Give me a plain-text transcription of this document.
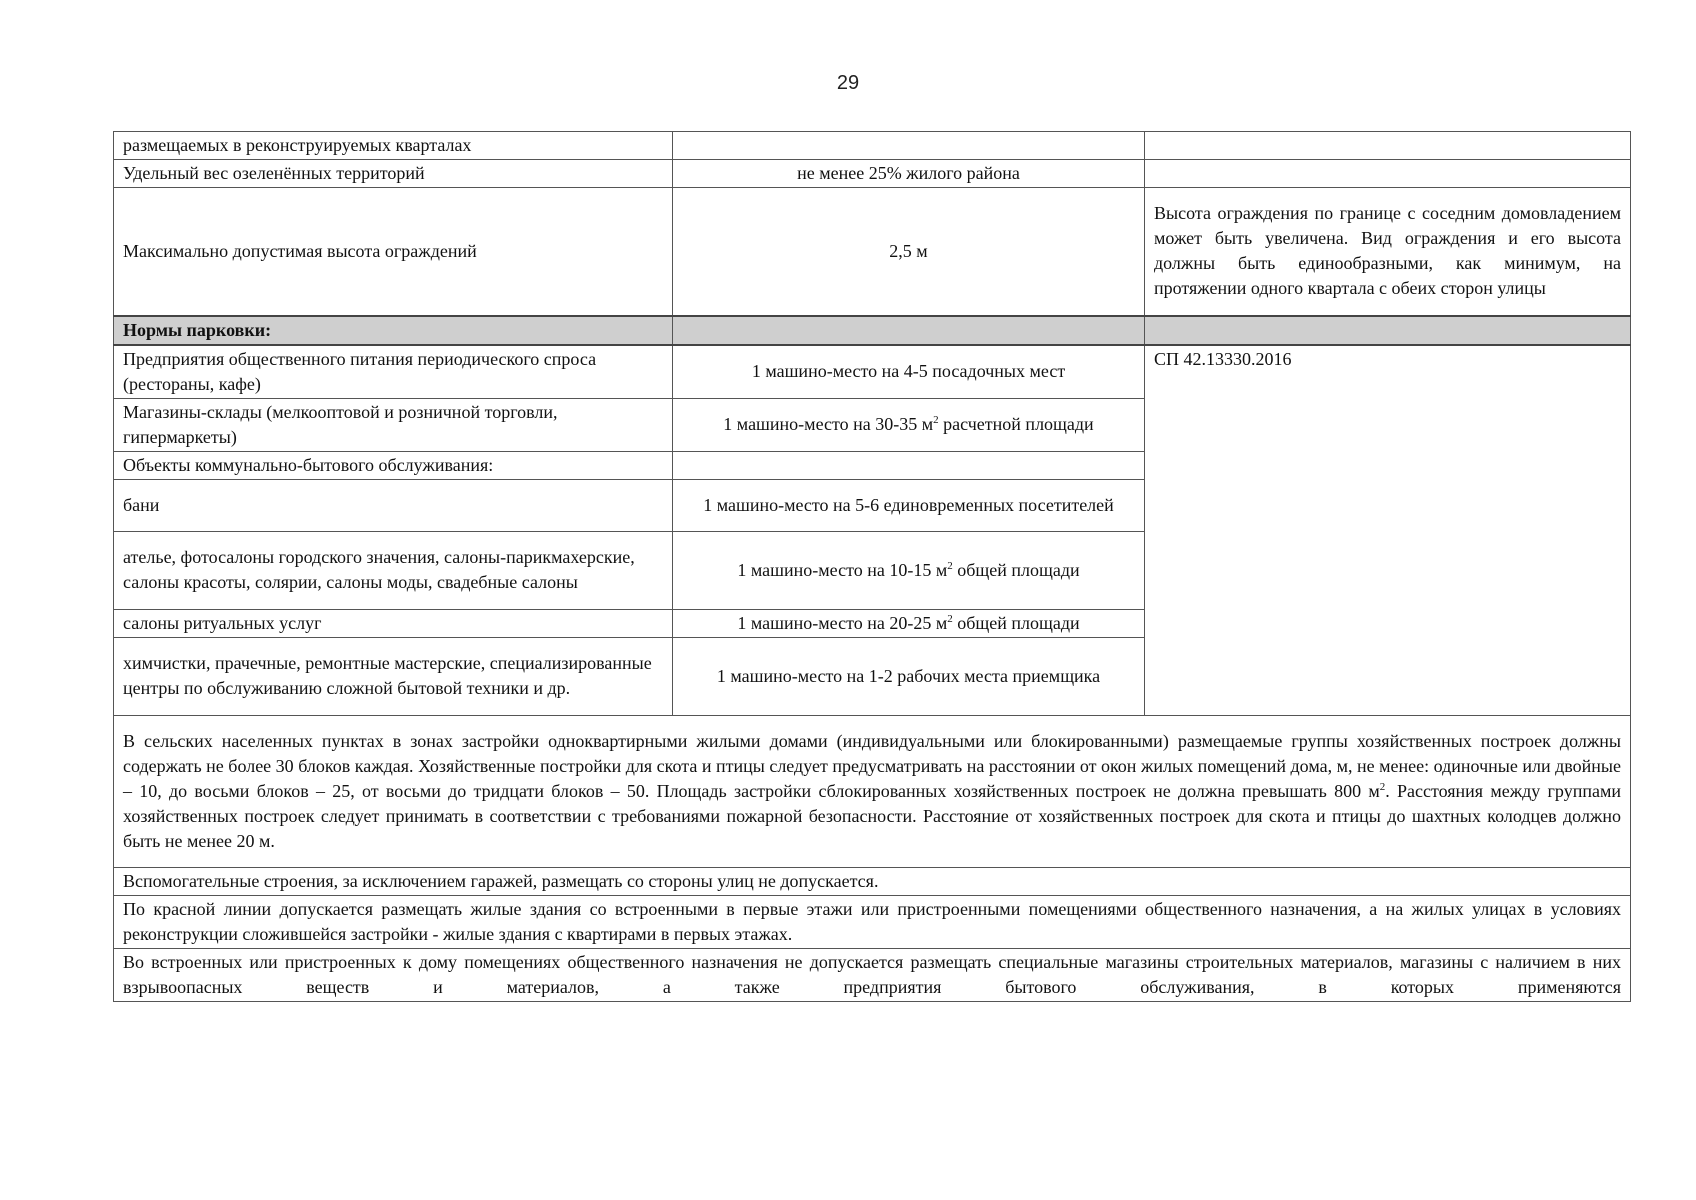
29
размещаемых в реконструируемых кварталах		
Удельный вес озеленённых территорий	не менее 25% жилого района	
Максимально допустимая высота ограждений	2,5 м	Высота ограждения по границе с соседним домовладением может быть увеличена. Вид ограждения и его высота должны быть единообразными, как минимум, на протяжении одного квартала с обеих сторон улицы
Нормы парковки:		
Предприятия общественного питания периодического спроса (рестораны, кафе)	1 машино-место на 4-5 посадочных мест	СП 42.13330.2016
Магазины-склады (мелкооптовой и розничной торговли, гипермаркеты)	1 машино-место на 30-35 $м^2$ расчетной площади	
Объекты коммунально-бытового обслуживания:		
бани	1 машино-место на 5-6 единовременных посетителей	
ателье, фотосалоны городского значения, салоны-парикмахерские, салоны красоты, солярии, салоны моды, свадебные салоны	1 машино-место на 10-15 $м^2$ общей площади	
салоны ритуальных услуг	1 машино-место на 20-25 $м^2$ общей площади	
химчистки, прачечные, ремонтные мастерские, специализированные центры по обслуживанию сложной бытовой техники и др.	1 машино-место на 1-2 рабочих места приемщика	
В сельских населенных пунктах в зонах застройки одноквартирными жилыми домами (индивидуальными или блокированными) размещаемые группы хозяйственных построек должны содержать не более 30 блоков каждая. Хозяйственные постройки для скота и птицы следует предусматривать на расстоянии от окон жилых помещений дома, м, не менее: одиночные или двойные – 10, до восьми блоков – 25, от восьми до тридцати блоков – 50. Площадь застройки сблокированных хозяйственных построек не должна превышать 800 $м^2$. Расстояния между группами хозяйственных построек следует принимать в соответствии с требованиями пожарной безопасности. Расстояние от хозяйственных построек для скота и птицы до шахтных колодцев должно быть не менее 20 м.		
Вспомогательные строения, за исключением гаражей, размещать со стороны улиц не допускается.		
По красной линии допускается размещать жилые здания со встроенными в первые этажи или пристроенными помещениями общественного назначения, а на жилых улицах в условиях реконструкции сложившейся застройки - жилые здания с квартирами в первых этажах.		
Во встроенных или пристроенных к дому помещениях общественного назначения не допускается размещать специальные магазины строительных материалов, магазины с наличием в них взрывоопасных веществ и материалов, а также предприятия бытового обслуживания, в которых применяются		
